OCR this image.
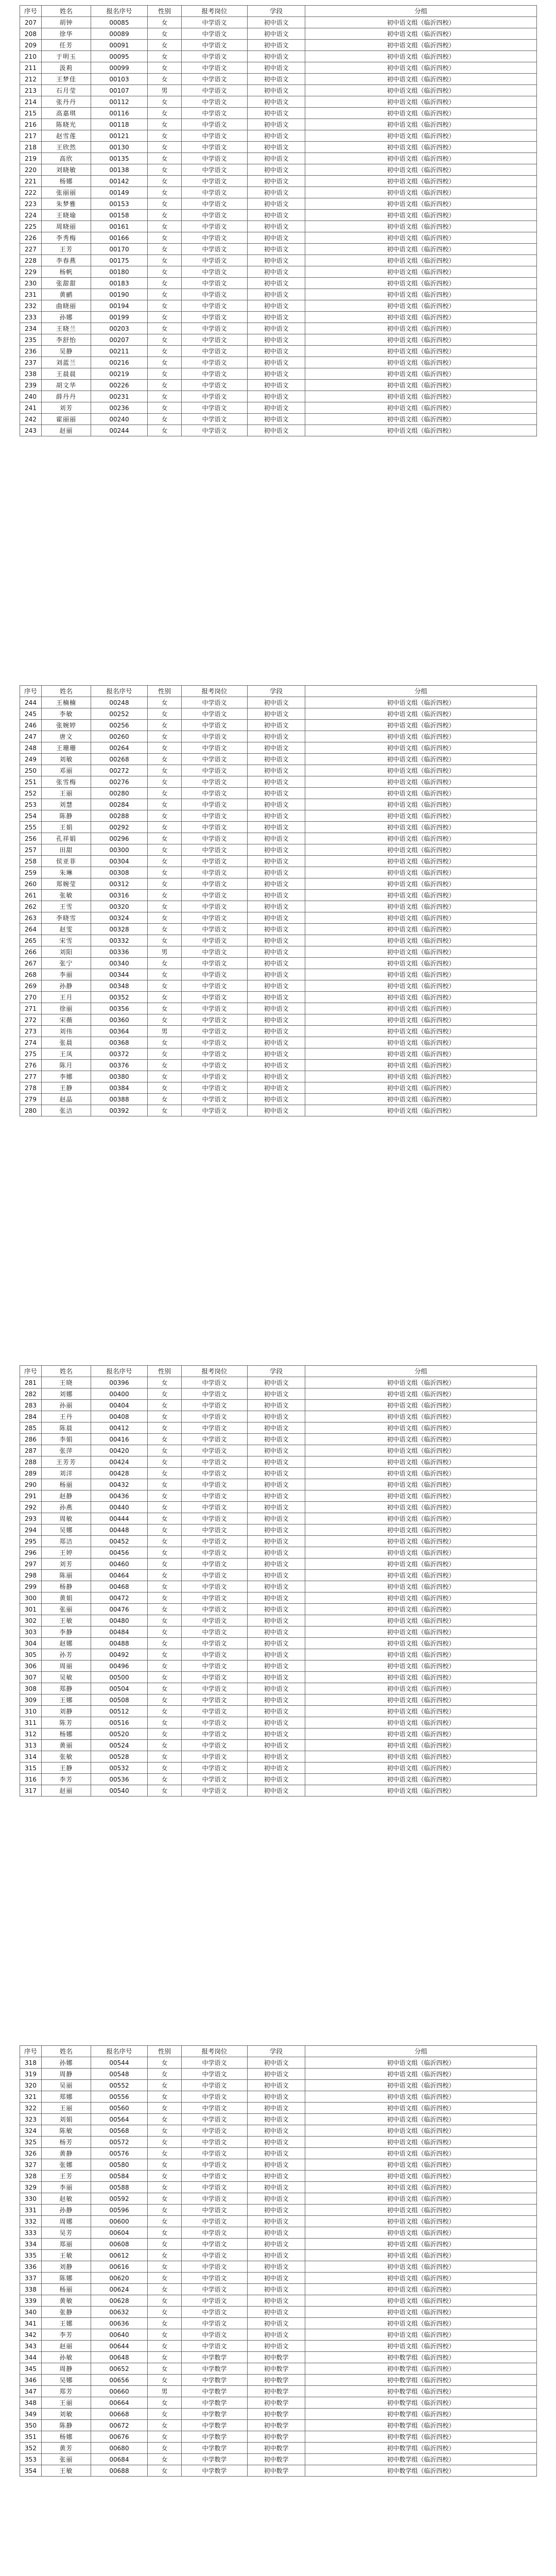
序号	姓名	报名序号	性别	报考岗位	学段	分组
207	胡钟	00085	女	中学语文	初中语文	初中语文组（临沂四校）
208	徐华	00089	女	中学语文	初中语文	初中语文组（临沂四校）
209	任芳	00091	女	中学语文	初中语文	初中语文组（临沂四校）
210	于明玉	00095	女	中学语文	初中语文	初中语文组（临沂四校）
211	汲莉	00099	女	中学语文	初中语文	初中语文组（临沂四校）
212	王梦佳	00103	女	中学语文	初中语文	初中语文组（临沂四校）
213	石月莹	00107	男	中学语文	初中语文	初中语文组（临沂四校）
214	张丹丹	00112	女	中学语文	初中语文	初中语文组（临沂四校）
215	高嘉琪	00116	女	中学语文	初中语文	初中语文组（临沂四校）
216	陈晓光	00118	女	中学语文	初中语文	初中语文组（临沂四校）
217	赵雪莲	00121	女	中学语文	初中语文	初中语文组（临沂四校）
218	王欣然	00130	女	中学语文	初中语文	初中语文组（临沂四校）
219	高欣	00135	女	中学语文	初中语文	初中语文组（临沂四校）
220	刘晓敏	00138	女	中学语文	初中语文	初中语文组（临沂四校）
221	杨娜	00142	女	中学语文	初中语文	初中语文组（临沂四校）
222	张丽丽	00149	女	中学语文	初中语文	初中语文组（临沂四校）
223	朱梦雅	00153	女	中学语文	初中语文	初中语文组（临沂四校）
224	王晓瑜	00158	女	中学语文	初中语文	初中语文组（临沂四校）
225	周晓丽	00161	女	中学语文	初中语文	初中语文组（临沂四校）
226	李秀梅	00166	女	中学语文	初中语文	初中语文组（临沂四校）
227	王芳	00170	女	中学语文	初中语文	初中语文组（临沂四校）
228	李春燕	00175	女	中学语文	初中语文	初中语文组（临沂四校）
229	杨帆	00180	女	中学语文	初中语文	初中语文组（临沂四校）
230	张甜甜	00183	女	中学语文	初中语文	初中语文组（临沂四校）
231	黄鹂	00190	女	中学语文	初中语文	初中语文组（临沂四校）
232	曲晓丽	00194	女	中学语文	初中语文	初中语文组（临沂四校）
233	孙娜	00199	女	中学语文	初中语文	初中语文组（临沂四校）
234	王晓兰	00203	女	中学语文	初中语文	初中语文组（临沂四校）
235	李舒怡	00207	女	中学语文	初中语文	初中语文组（临沂四校）
236	吴静	00211	女	中学语文	初中语文	初中语文组（临沂四校）
237	刘蓝兰	00216	女	中学语文	初中语文	初中语文组（临沂四校）
238	王晨晨	00219	女	中学语文	初中语文	初中语文组（临沂四校）
239	胡文华	00226	女	中学语文	初中语文	初中语文组（临沂四校）
240	薛丹丹	00231	女	中学语文	初中语文	初中语文组（临沂四校）
241	刘芳	00236	女	中学语文	初中语文	初中语文组（临沂四校）
242	霍丽丽	00240	女	中学语文	初中语文	初中语文组（临沂四校）
243	赵丽	00244	女	中学语文	初中语文	初中语文组（临沂四校）
序号	姓名	报名序号	性别	报考岗位	学段	分组
244	王楠楠	00248	女	中学语文	初中语文	初中语文组（临沂四校）
245	李敏	00252	女	中学语文	初中语文	初中语文组（临沂四校）
246	张婉婷	00256	女	中学语文	初中语文	初中语文组（临沂四校）
247	唐文	00260	女	中学语文	初中语文	初中语文组（临沂四校）
248	王珊珊	00264	女	中学语文	初中语文	初中语文组（临沂四校）
249	刘敏	00268	女	中学语文	初中语文	初中语文组（临沂四校）
250	邓丽	00272	女	中学语文	初中语文	初中语文组（临沂四校）
251	张雪梅	00276	女	中学语文	初中语文	初中语文组（临沂四校）
252	王丽	00280	女	中学语文	初中语文	初中语文组（临沂四校）
253	刘慧	00284	女	中学语文	初中语文	初中语文组（临沂四校）
254	陈静	00288	女	中学语文	初中语文	初中语文组（临沂四校）
255	王娟	00292	女	中学语文	初中语文	初中语文组（临沂四校）
256	孔祥娟	00296	女	中学语文	初中语文	初中语文组（临沂四校）
257	田甜	00300	女	中学语文	初中语文	初中语文组（临沂四校）
258	侯亚菲	00304	女	中学语文	初中语文	初中语文组（临沂四校）
259	朱琳	00308	女	中学语文	初中语文	初中语文组（临沂四校）
260	郑婉莹	00312	女	中学语文	初中语文	初中语文组（临沂四校）
261	张敏	00316	女	中学语文	初中语文	初中语文组（临沂四校）
262	王雪	00320	女	中学语文	初中语文	初中语文组（临沂四校）
263	李晓雪	00324	女	中学语文	初中语文	初中语文组（临沂四校）
264	赵雯	00328	女	中学语文	初中语文	初中语文组（临沂四校）
265	宋雪	00332	女	中学语文	初中语文	初中语文组（临沂四校）
266	刘阳	00336	男	中学语文	初中语文	初中语文组（临沂四校）
267	张宁	00340	女	中学语文	初中语文	初中语文组（临沂四校）
268	李丽	00344	女	中学语文	初中语文	初中语文组（临沂四校）
269	孙静	00348	女	中学语文	初中语文	初中语文组（临沂四校）
270	王月	00352	女	中学语文	初中语文	初中语文组（临沂四校）
271	徐丽	00356	女	中学语文	初中语文	初中语文组（临沂四校）
272	宋薇	00360	女	中学语文	初中语文	初中语文组（临沂四校）
273	刘伟	00364	男	中学语文	初中语文	初中语文组（临沂四校）
274	张晨	00368	女	中学语文	初中语文	初中语文组（临沂四校）
275	王凤	00372	女	中学语文	初中语文	初中语文组（临沂四校）
276	陈月	00376	女	中学语文	初中语文	初中语文组（临沂四校）
277	李娜	00380	女	中学语文	初中语文	初中语文组（临沂四校）
278	王静	00384	女	中学语文	初中语文	初中语文组（临沂四校）
279	赵晶	00388	女	中学语文	初中语文	初中语文组（临沂四校）
280	张洁	00392	女	中学语文	初中语文	初中语文组（临沂四校）
序号	姓名	报名序号	性别	报考岗位	学段	分组
281	王晓	00396	女	中学语文	初中语文	初中语文组（临沂四校）
282	刘娜	00400	女	中学语文	初中语文	初中语文组（临沂四校）
283	孙丽	00404	女	中学语文	初中语文	初中语文组（临沂四校）
284	王丹	00408	女	中学语文	初中语文	初中语文组（临沂四校）
285	陈晨	00412	女	中学语文	初中语文	初中语文组（临沂四校）
286	李娟	00416	女	中学语文	初中语文	初中语文组（临沂四校）
287	张萍	00420	女	中学语文	初中语文	初中语文组（临沂四校）
288	王芳芳	00424	女	中学语文	初中语文	初中语文组（临沂四校）
289	刘洋	00428	女	中学语文	初中语文	初中语文组（临沂四校）
290	杨丽	00432	女	中学语文	初中语文	初中语文组（临沂四校）
291	赵静	00436	女	中学语文	初中语文	初中语文组（临沂四校）
292	孙燕	00440	女	中学语文	初中语文	初中语文组（临沂四校）
293	周敏	00444	女	中学语文	初中语文	初中语文组（临沂四校）
294	吴娜	00448	女	中学语文	初中语文	初中语文组（临沂四校）
295	郑洁	00452	女	中学语文	初中语文	初中语文组（临沂四校）
296	王婷	00456	女	中学语文	初中语文	初中语文组（临沂四校）
297	刘芳	00460	女	中学语文	初中语文	初中语文组（临沂四校）
298	陈丽	00464	女	中学语文	初中语文	初中语文组（临沂四校）
299	杨静	00468	女	中学语文	初中语文	初中语文组（临沂四校）
300	黄娟	00472	女	中学语文	初中语文	初中语文组（临沂四校）
301	张丽	00476	女	中学语文	初中语文	初中语文组（临沂四校）
302	王敏	00480	女	中学语文	初中语文	初中语文组（临沂四校）
303	李静	00484	女	中学语文	初中语文	初中语文组（临沂四校）
304	赵娜	00488	女	中学语文	初中语文	初中语文组（临沂四校）
305	孙芳	00492	女	中学语文	初中语文	初中语文组（临沂四校）
306	周丽	00496	女	中学语文	初中语文	初中语文组（临沂四校）
307	吴敏	00500	女	中学语文	初中语文	初中语文组（临沂四校）
308	郑静	00504	女	中学语文	初中语文	初中语文组（临沂四校）
309	王娜	00508	女	中学语文	初中语文	初中语文组（临沂四校）
310	刘静	00512	女	中学语文	初中语文	初中语文组（临沂四校）
311	陈芳	00516	女	中学语文	初中语文	初中语文组（临沂四校）
312	杨娜	00520	女	中学语文	初中语文	初中语文组（临沂四校）
313	黄丽	00524	女	中学语文	初中语文	初中语文组（临沂四校）
314	张敏	00528	女	中学语文	初中语文	初中语文组（临沂四校）
315	王静	00532	女	中学语文	初中语文	初中语文组（临沂四校）
316	李芳	00536	女	中学语文	初中语文	初中语文组（临沂四校）
317	赵丽	00540	女	中学语文	初中语文	初中语文组（临沂四校）
序号	姓名	报名序号	性别	报考岗位	学段	分组
318	孙娜	00544	女	中学语文	初中语文	初中语文组（临沂四校）
319	周静	00548	女	中学语文	初中语文	初中语文组（临沂四校）
320	吴丽	00552	女	中学语文	初中语文	初中语文组（临沂四校）
321	郑娜	00556	女	中学语文	初中语文	初中语文组（临沂四校）
322	王丽	00560	女	中学语文	初中语文	初中语文组（临沂四校）
323	刘娟	00564	女	中学语文	初中语文	初中语文组（临沂四校）
324	陈敏	00568	女	中学语文	初中语文	初中语文组（临沂四校）
325	杨芳	00572	女	中学语文	初中语文	初中语文组（临沂四校）
326	黄静	00576	女	中学语文	初中语文	初中语文组（临沂四校）
327	张娜	00580	女	中学语文	初中语文	初中语文组（临沂四校）
328	王芳	00584	女	中学语文	初中语文	初中语文组（临沂四校）
329	李丽	00588	女	中学语文	初中语文	初中语文组（临沂四校）
330	赵敏	00592	女	中学语文	初中语文	初中语文组（临沂四校）
331	孙静	00596	女	中学语文	初中语文	初中语文组（临沂四校）
332	周娜	00600	女	中学语文	初中语文	初中语文组（临沂四校）
333	吴芳	00604	女	中学语文	初中语文	初中语文组（临沂四校）
334	郑丽	00608	女	中学语文	初中语文	初中语文组（临沂四校）
335	王敏	00612	女	中学语文	初中语文	初中语文组（临沂四校）
336	刘静	00616	女	中学语文	初中语文	初中语文组（临沂四校）
337	陈娜	00620	女	中学语文	初中语文	初中语文组（临沂四校）
338	杨丽	00624	女	中学语文	初中语文	初中语文组（临沂四校）
339	黄敏	00628	女	中学语文	初中语文	初中语文组（临沂四校）
340	张静	00632	女	中学语文	初中语文	初中语文组（临沂四校）
341	王娜	00636	女	中学语文	初中语文	初中语文组（临沂四校）
342	李芳	00640	女	中学语文	初中语文	初中语文组（临沂四校）
343	赵丽	00644	女	中学语文	初中语文	初中语文组（临沂四校）
344	孙敏	00648	女	中学数学	初中数学	初中数学组（临沂四校）
345	周静	00652	女	中学数学	初中数学	初中数学组（临沂四校）
346	吴娜	00656	女	中学数学	初中数学	初中数学组（临沂四校）
347	郑芳	00660	男	中学数学	初中数学	初中数学组（临沂四校）
348	王丽	00664	女	中学数学	初中数学	初中数学组（临沂四校）
349	刘敏	00668	女	中学数学	初中数学	初中数学组（临沂四校）
350	陈静	00672	女	中学数学	初中数学	初中数学组（临沂四校）
351	杨娜	00676	女	中学数学	初中数学	初中数学组（临沂四校）
352	黄芳	00680	女	中学数学	初中数学	初中数学组（临沂四校）
353	张丽	00684	女	中学数学	初中数学	初中数学组（临沂四校）
354	王敏	00688	女	中学数学	初中数学	初中数学组（临沂四校）
